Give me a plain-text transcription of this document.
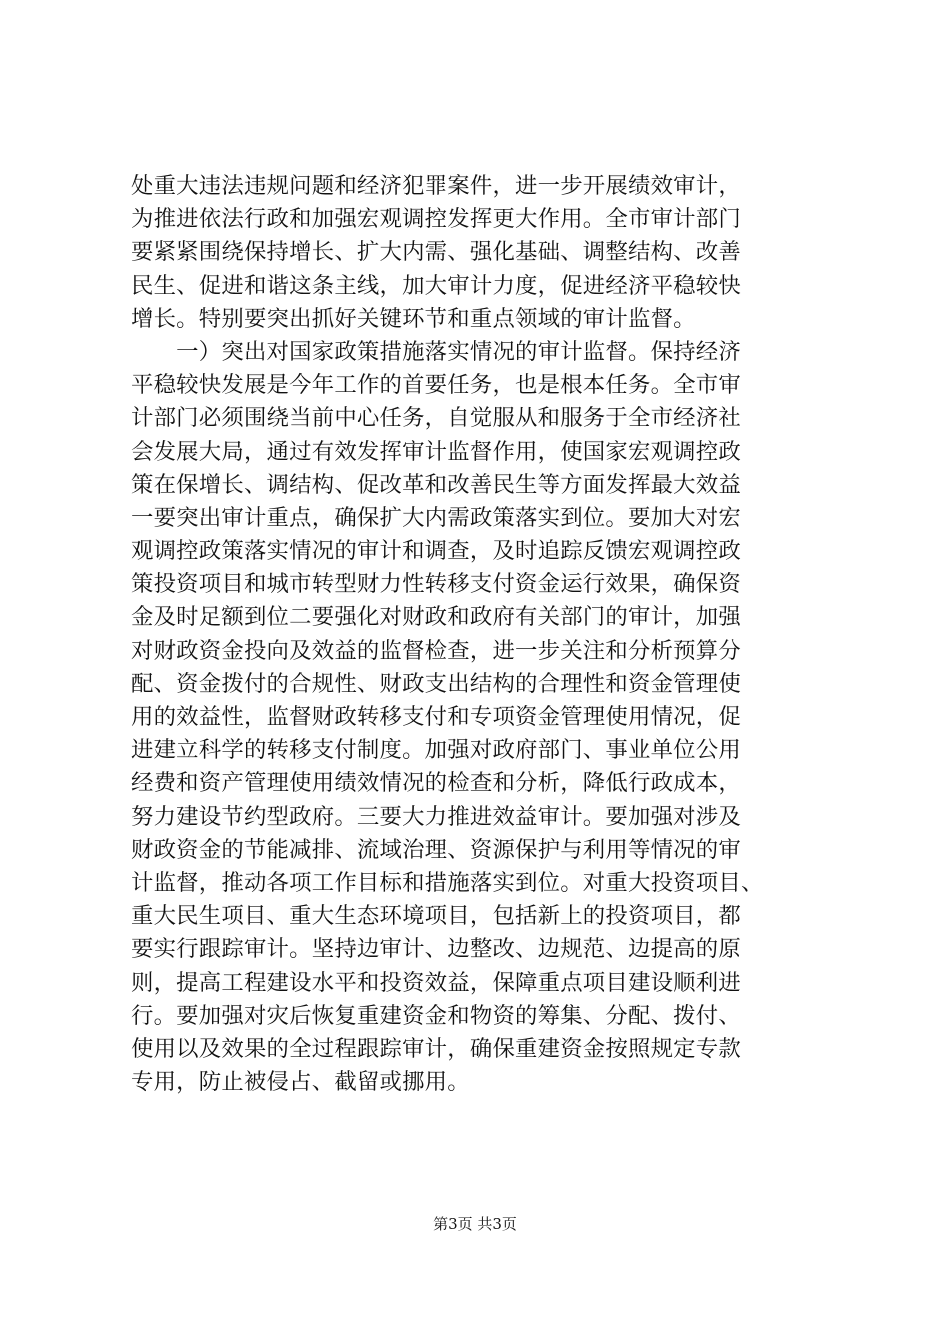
处重大违法违规问题和经济犯罪案件，进一步开展绩效审计，
为推进依法行政和加强宏观调控发挥更大作用。全市审计部门
要紧紧围绕保持增长、扩大内需、强化基础、调整结构、改善
民生、促进和谐这条主线，加大审计力度，促进经济平稳较快
增长。特别要突出抓好关键环节和重点领域的审计监督。
　　一）突出对国家政策措施落实情况的审计监督。保持经济
平稳较快发展是今年工作的首要任务，也是根本任务。全市审
计部门必须围绕当前中心任务，自觉服从和服务于全市经济社
会发展大局，通过有效发挥审计监督作用，使国家宏观调控政
策在保增长、调结构、促改革和改善民生等方面发挥最大效益
一要突出审计重点，确保扩大内需政策落实到位。要加大对宏
观调控政策落实情况的审计和调查，及时追踪反馈宏观调控政
策投资项目和城市转型财力性转移支付资金运行效果，确保资
金及时足额到位二要强化对财政和政府有关部门的审计，加强
对财政资金投向及效益的监督检查，进一步关注和分析预算分
配、资金拨付的合规性、财政支出结构的合理性和资金管理使
用的效益性，监督财政转移支付和专项资金管理使用情况，促
进建立科学的转移支付制度。加强对政府部门、事业单位公用
经费和资产管理使用绩效情况的检查和分析，降低行政成本，
努力建设节约型政府。三要大力推进效益审计。要加强对涉及
财政资金的节能减排、流域治理、资源保护与利用等情况的审
计监督，推动各项工作目标和措施落实到位。对重大投资项目、
重大民生项目、重大生态环境项目，包括新上的投资项目，都
要实行跟踪审计。坚持边审计、边整改、边规范、边提高的原
则，提高工程建设水平和投资效益，保障重点项目建设顺利进
行。要加强对灾后恢复重建资金和物资的筹集、分配、拨付、
使用以及效果的全过程跟踪审计，确保重建资金按照规定专款
专用，防止被侵占、截留或挪用。
第3页 共3页
